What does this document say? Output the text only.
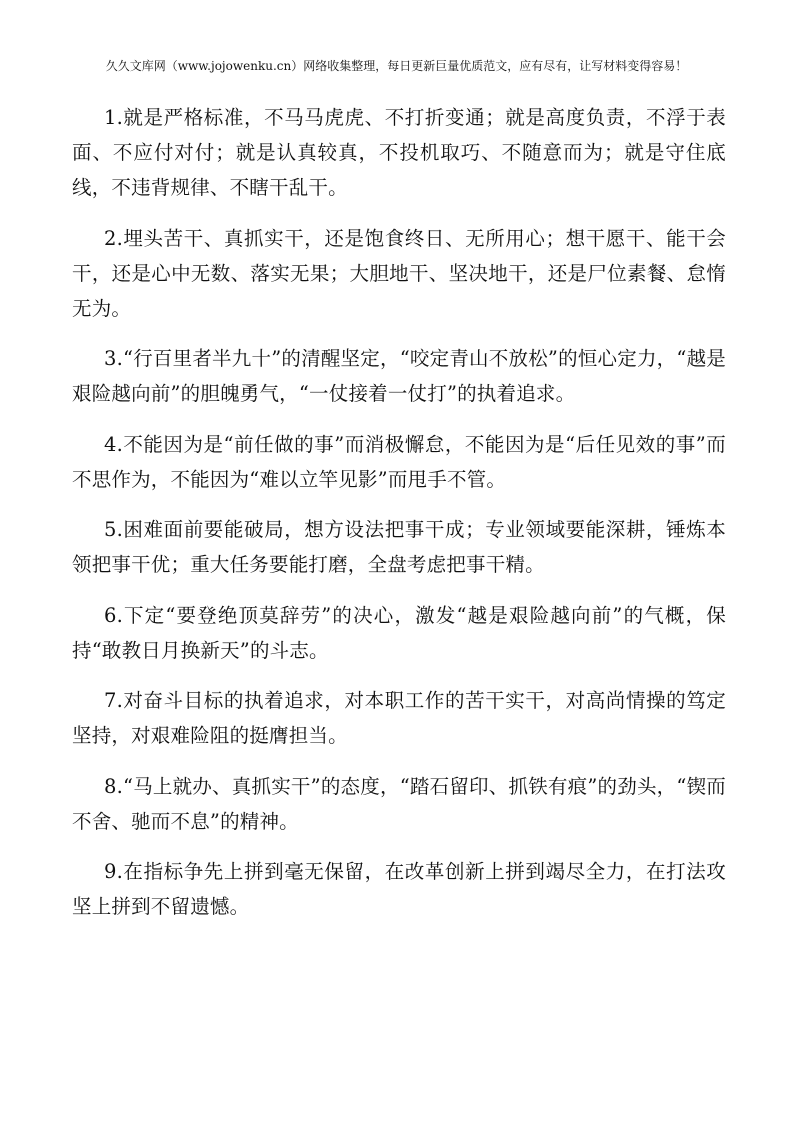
久久文库网（www.jojowenku.cn）网络收集整理，每日更新巨量优质范文，应有尽有，让写材料变得容易！

1.就是严格标准，不马马虎虎、不打折变通；就是高度负责，不浮于表面、不应付对付；就是认真较真，不投机取巧、不随意而为；就是守住底线，不违背规律、不瞎干乱干。

2.埋头苦干、真抓实干，还是饱食终日、无所用心；想干愿干、能干会干，还是心中无数、落实无果；大胆地干、坚决地干，还是尸位素餐、怠惰无为。

3.“行百里者半九十”的清醒坚定，“咬定青山不放松”的恒心定力，“越是艰险越向前”的胆魄勇气，“一仗接着一仗打”的执着追求。

4.不能因为是“前任做的事”而消极懈怠，不能因为是“后任见效的事”而不思作为，不能因为“难以立竿见影”而甩手不管。

5.困难面前要能破局，想方设法把事干成；专业领域要能深耕，锤炼本领把事干优；重大任务要能打磨，全盘考虑把事干精。

6.下定“要登绝顶莫辞劳”的决心，激发“越是艰险越向前”的气概，保持“敢教日月换新天”的斗志。

7.对奋斗目标的执着追求，对本职工作的苦干实干，对高尚情操的笃定坚持，对艰难险阻的挺膺担当。

8.“马上就办、真抓实干”的态度，“踏石留印、抓铁有痕”的劲头，“锲而不舍、驰而不息”的精神。

9.在指标争先上拼到毫无保留，在改革创新上拼到竭尽全力，在打法攻坚上拼到不留遗憾。
